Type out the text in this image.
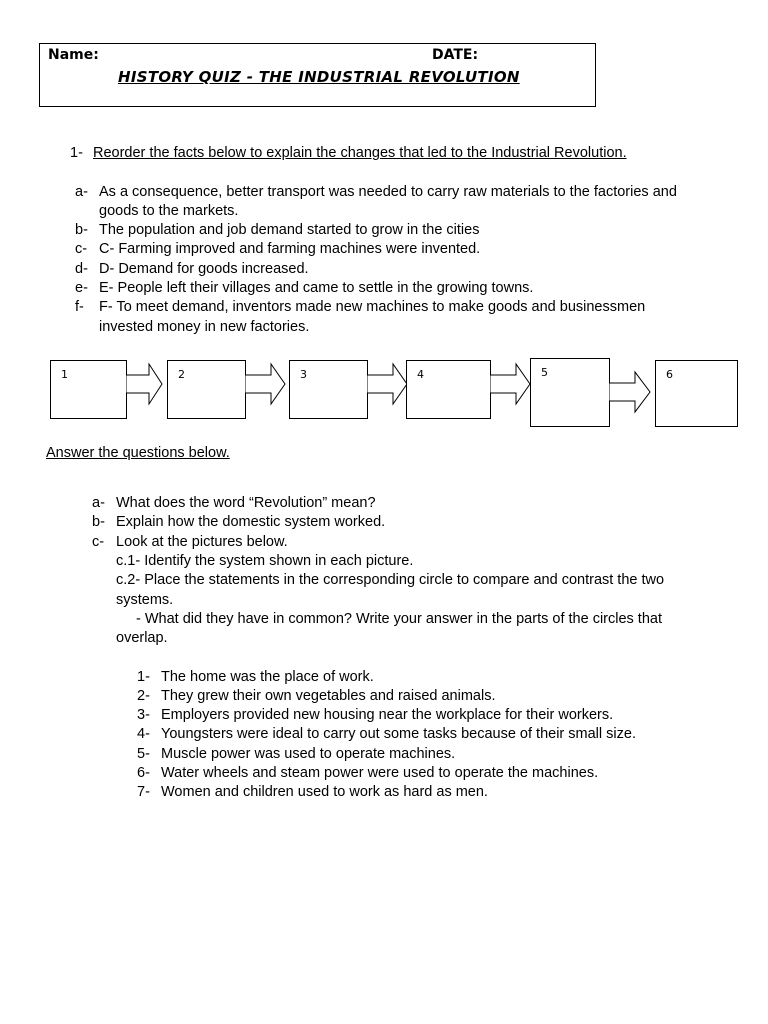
Name:	DATE:
HISTORY QUIZ - THE INDUSTRIAL REVOLUTION
1- Reorder the facts below to explain the changes that led to the Industrial Revolution.
a- As a consequence, better transport was needed to carry raw materials to the factories and
goods to the markets.
b- The population and job demand started to grow in the cities
c- C- Farming improved and farming machines were invented.
d- D- Demand for goods increased.
e- E- People left their villages and came to settle in the growing towns.
f- F- To meet demand, inventors made new machines to make goods and businessmen
invested money in new factories.
1	2	3	4	5	6
Answer the questions below.
a- What does the word “Revolution” mean?
b- Explain how the domestic system worked.
c- Look at the pictures below.
c.1- Identify the system shown in each picture.
c.2- Place the statements in the corresponding circle to compare and contrast the two
systems.
- What did they have in common? Write your answer in the parts of the circles that
overlap.
1- The home was the place of work.
2- They grew their own vegetables and raised animals.
3- Employers provided new housing near the workplace for their workers.
4- Youngsters were ideal to carry out some tasks because of their small size.
5- Muscle power was used to operate machines.
6- Water wheels and steam power were used to operate the machines.
7- Women and children used to work as hard as men.
